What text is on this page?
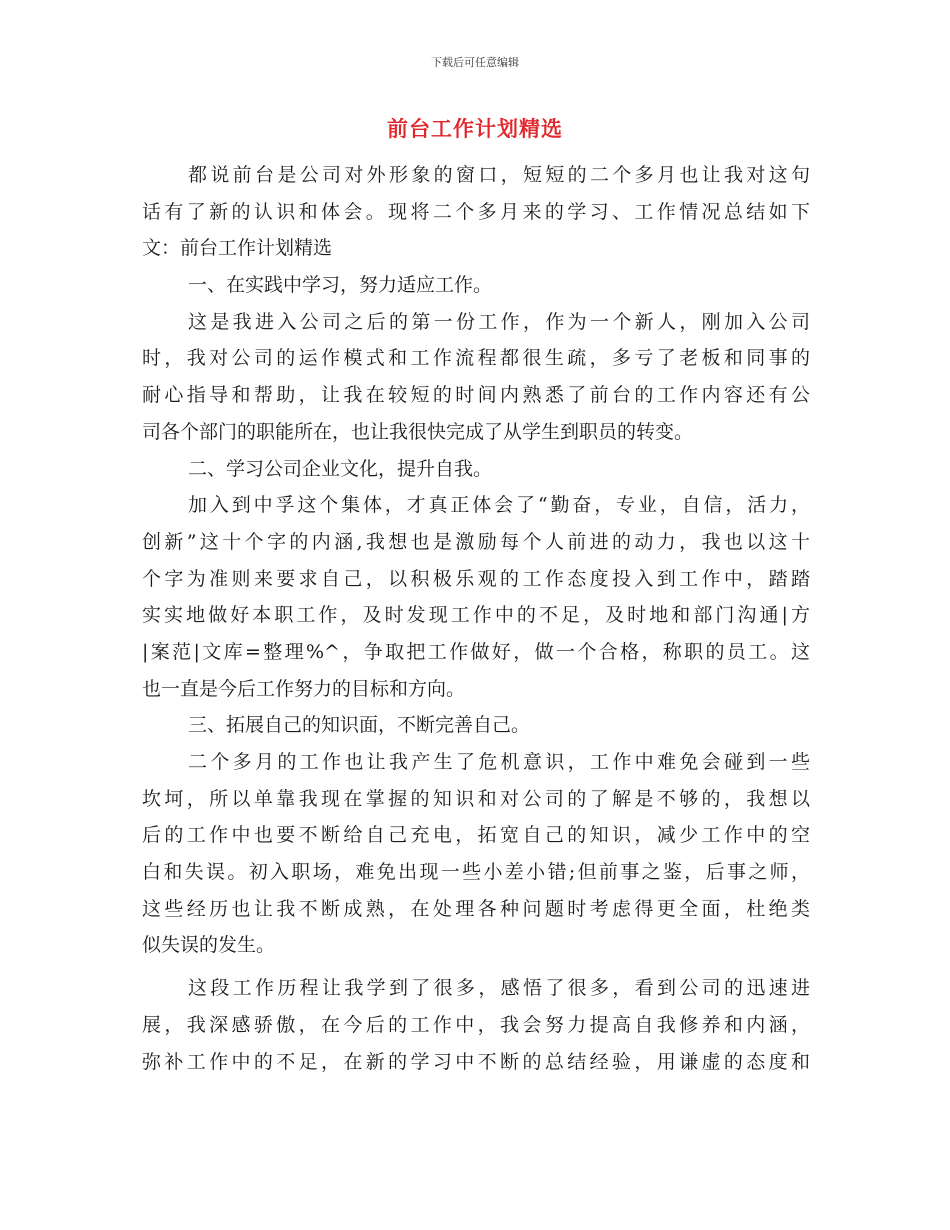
下载后可任意编辑
前台工作计划精选
都说前台是公司对外形象的窗口，短短的二个多月也让我对这句
话有了新的认识和体会。现将二个多月来的学习、工作情况总结如下
文：前台工作计划精选
一、在实践中学习，努力适应工作。
这是我进入公司之后的第一份工作，作为一个新人，刚加入公司
时，我对公司的运作模式和工作流程都很生疏，多亏了老板和同事的
耐心指导和帮助，让我在较短的时间内熟悉了前台的工作内容还有公
司各个部门的职能所在，也让我很快完成了从学生到职员的转变。
二、学习公司企业文化，提升自我。
加入到中孚这个集体，才真正体会了“勤奋，专业，自信，活力，
创新”这十个字的内涵,我想也是激励每个人前进的动力，我也以这十
个字为准则来要求自己，以积极乐观的工作态度投入到工作中，踏踏
实实地做好本职工作，及时发现工作中的不足，及时地和部门沟通|方
|案范|文库=整理%^，争取把工作做好，做一个合格，称职的员工。这
也一直是今后工作努力的目标和方向。
三、拓展自己的知识面，不断完善自己。
二个多月的工作也让我产生了危机意识，工作中难免会碰到一些
坎坷，所以单靠我现在掌握的知识和对公司的了解是不够的，我想以
后的工作中也要不断给自己充电，拓宽自己的知识，减少工作中的空
白和失误。初入职场，难免出现一些小差小错;但前事之鉴，后事之师，
这些经历也让我不断成熟，在处理各种问题时考虑得更全面，杜绝类
似失误的发生。
这段工作历程让我学到了很多，感悟了很多，看到公司的迅速进
展，我深感骄傲，在今后的工作中，我会努力提高自我修养和内涵，
弥补工作中的不足，在新的学习中不断的总结经验，用谦虚的态度和
